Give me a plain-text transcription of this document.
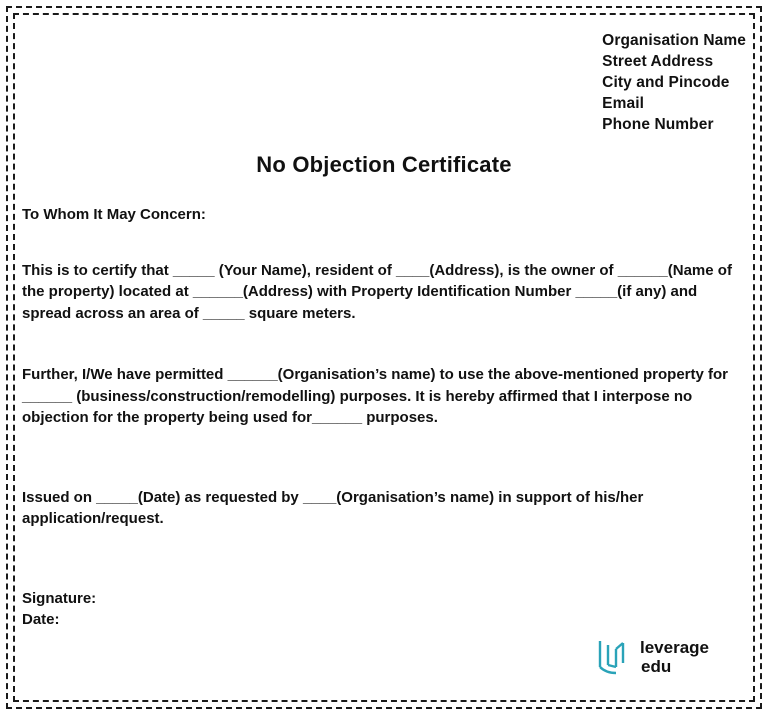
Organisation Name
Street Address
City and Pincode
Email
Phone Number
No Objection Certificate

To Whom It May Concern:

This is to certify that _____ (Your Name), resident of ____(Address), is the owner of ______(Name of the property) located at ______(Address) with Property Identification Number _____(if any) and spread across an area of _____ square meters.

Further, I/We have permitted ______(Organisation’s name) to use the above-mentioned property for ______ (business/construction/remodelling) purposes. It is hereby affirmed that I interpose no objection for the property being used for______ purposes.

Issued on _____(Date) as requested by ____(Organisation’s name) in support of his/her application/request.

Signature:
Date:
leverage
edu
